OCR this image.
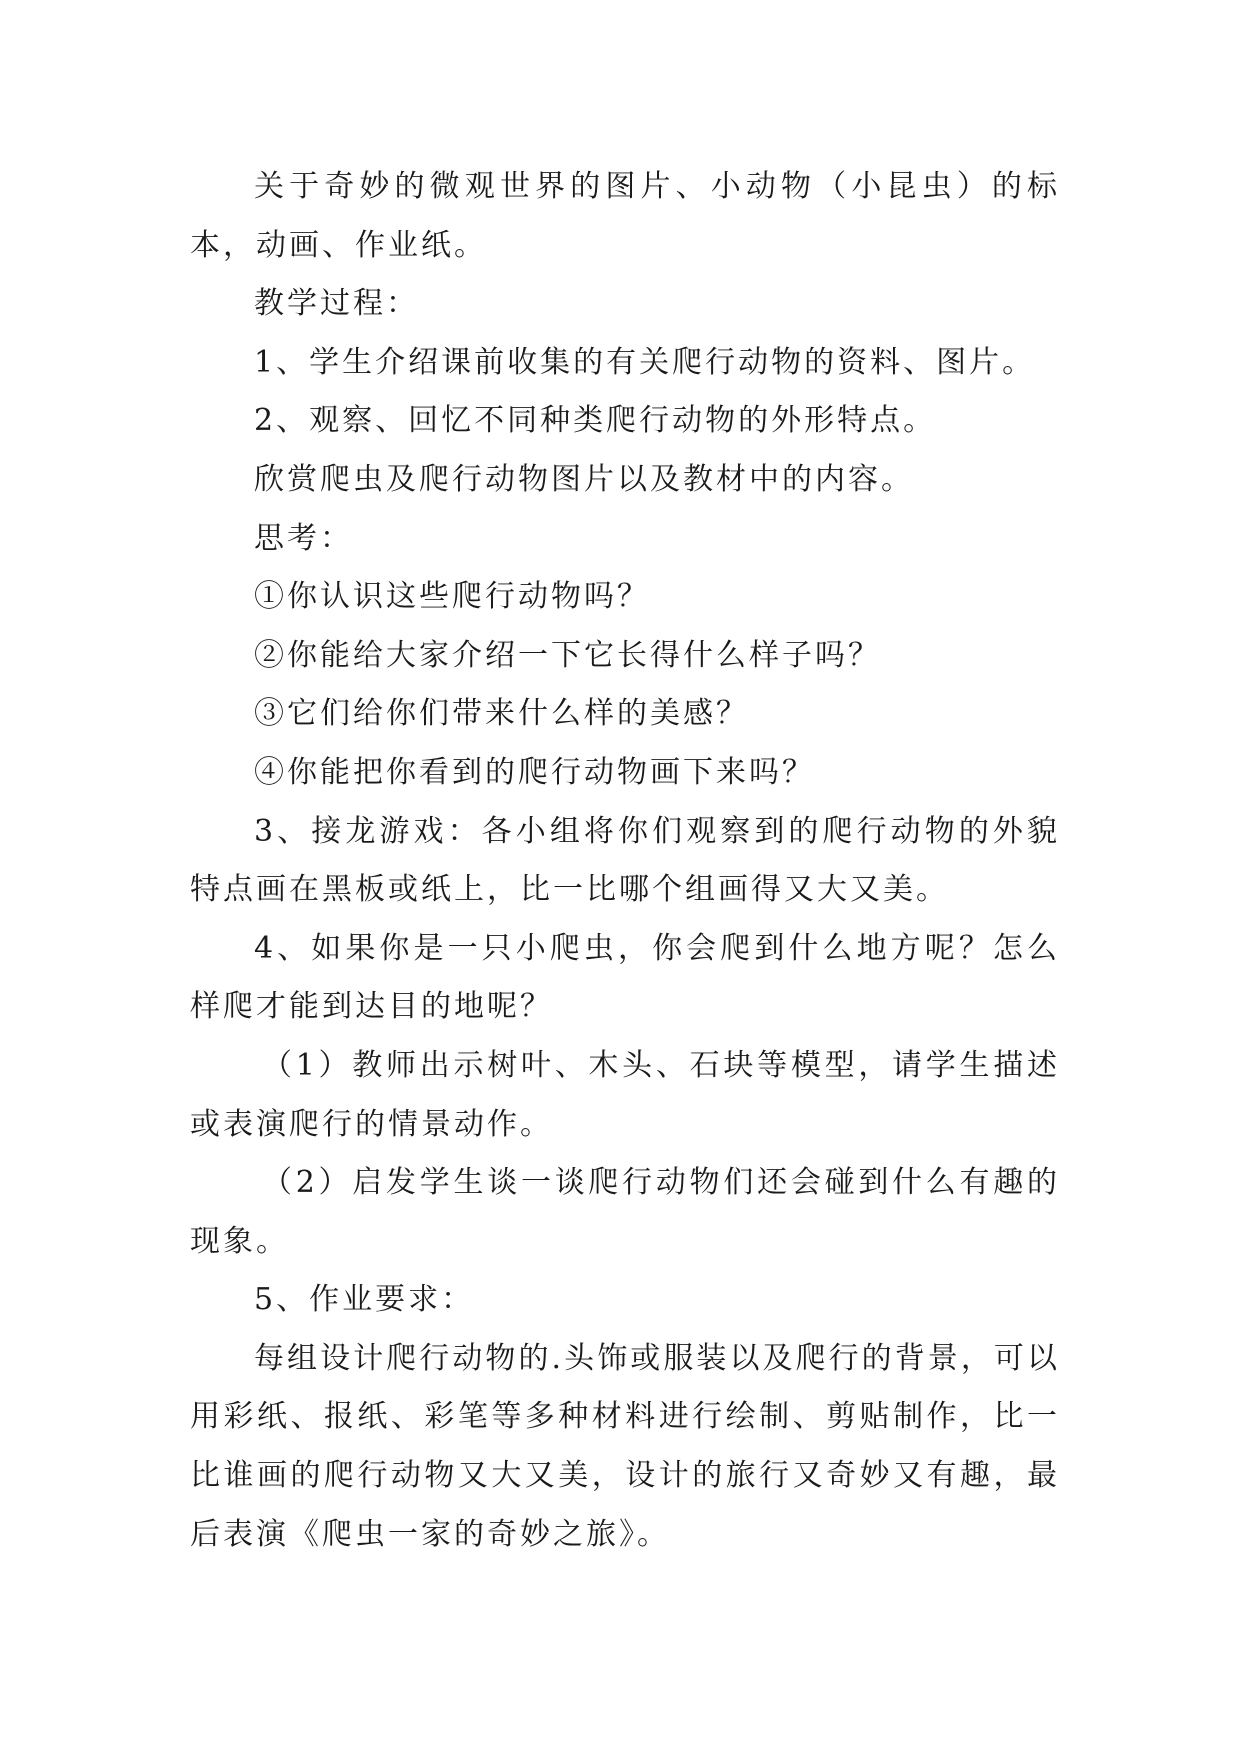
关于奇妙的微观世界的图片、小动物（小昆虫）的标本，动画、作业纸。

教学过程：

1、学生介绍课前收集的有关爬行动物的资料、图片。

2、观察、回忆不同种类爬行动物的外形特点。

欣赏爬虫及爬行动物图片以及教材中的内容。

思考：

①你认识这些爬行动物吗？

②你能给大家介绍一下它长得什么样子吗？

③它们给你们带来什么样的美感？

④你能把你看到的爬行动物画下来吗？

3、接龙游戏：各小组将你们观察到的爬行动物的外貌特点画在黑板或纸上，比一比哪个组画得又大又美。

4、如果你是一只小爬虫，你会爬到什么地方呢？怎么样爬才能到达目的地呢？

（1）教师出示树叶、木头、石块等模型，请学生描述或表演爬行的情景动作。

（2）启发学生谈一谈爬行动物们还会碰到什么有趣的现象。

5、作业要求：

每组设计爬行动物的.头饰或服装以及爬行的背景，可以用彩纸、报纸、彩笔等多种材料进行绘制、剪贴制作，比一比谁画的爬行动物又大又美，设计的旅行又奇妙又有趣，最后表演《爬虫一家的奇妙之旅》。
